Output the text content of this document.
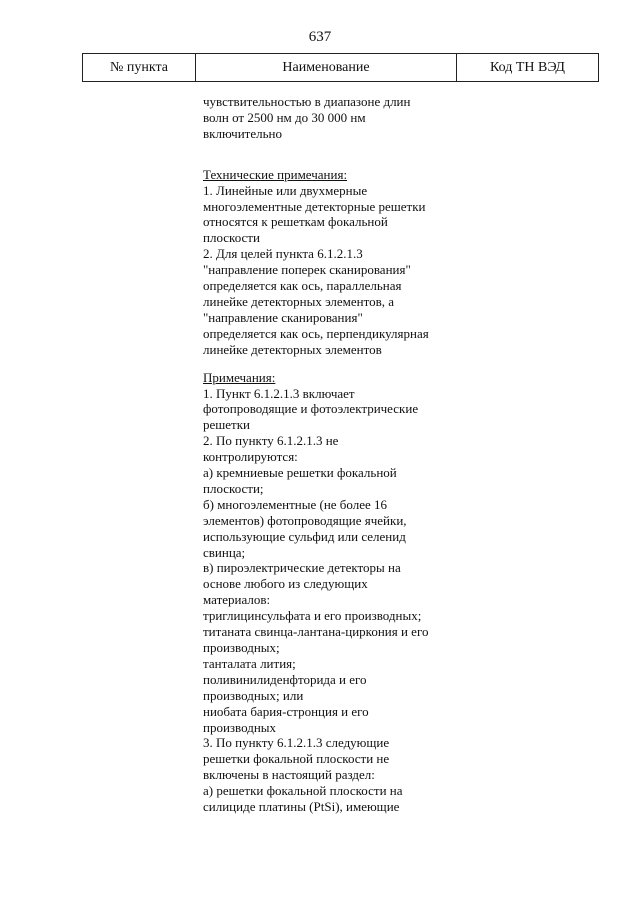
637
№ пункта	Наименование	Код ТН ВЭД

чувствительностью в диапазоне длин

волн от 2500 нм до 30 000 нм

включительно

Технические примечания:

1. Линейные или двухмерные

многоэлементные детекторные решетки

относятся к решеткам фокальной

плоскости

2. Для целей пункта 6.1.2.1.3

"направление поперек сканирования"

определяется как ось, параллельная

линейке детекторных элементов, а

"направление сканирования"

определяется как ось, перпендикулярная

линейке детекторных элементов

Примечания:

1. Пункт 6.1.2.1.3 включает

фотопроводящие и фотоэлектрические

решетки

2. По пункту 6.1.2.1.3 не

контролируются:

а) кремниевые решетки фокальной

плоскости;

б) многоэлементные (не более 16

элементов) фотопроводящие ячейки,

использующие сульфид или селенид

свинца;

в) пироэлектрические детекторы на

основе любого из следующих

материалов:

триглицинсульфата и его производных;

титаната свинца-лантана-циркония и его

производных;

танталата лития;

поливинилиденфторида и его

производных; или

ниобата бария-стронция и его

производных

3. По пункту 6.1.2.1.3 следующие

решетки фокальной плоскости не

включены в настоящий раздел:

а) решетки фокальной плоскости на

силициде платины (PtSi), имеющие
